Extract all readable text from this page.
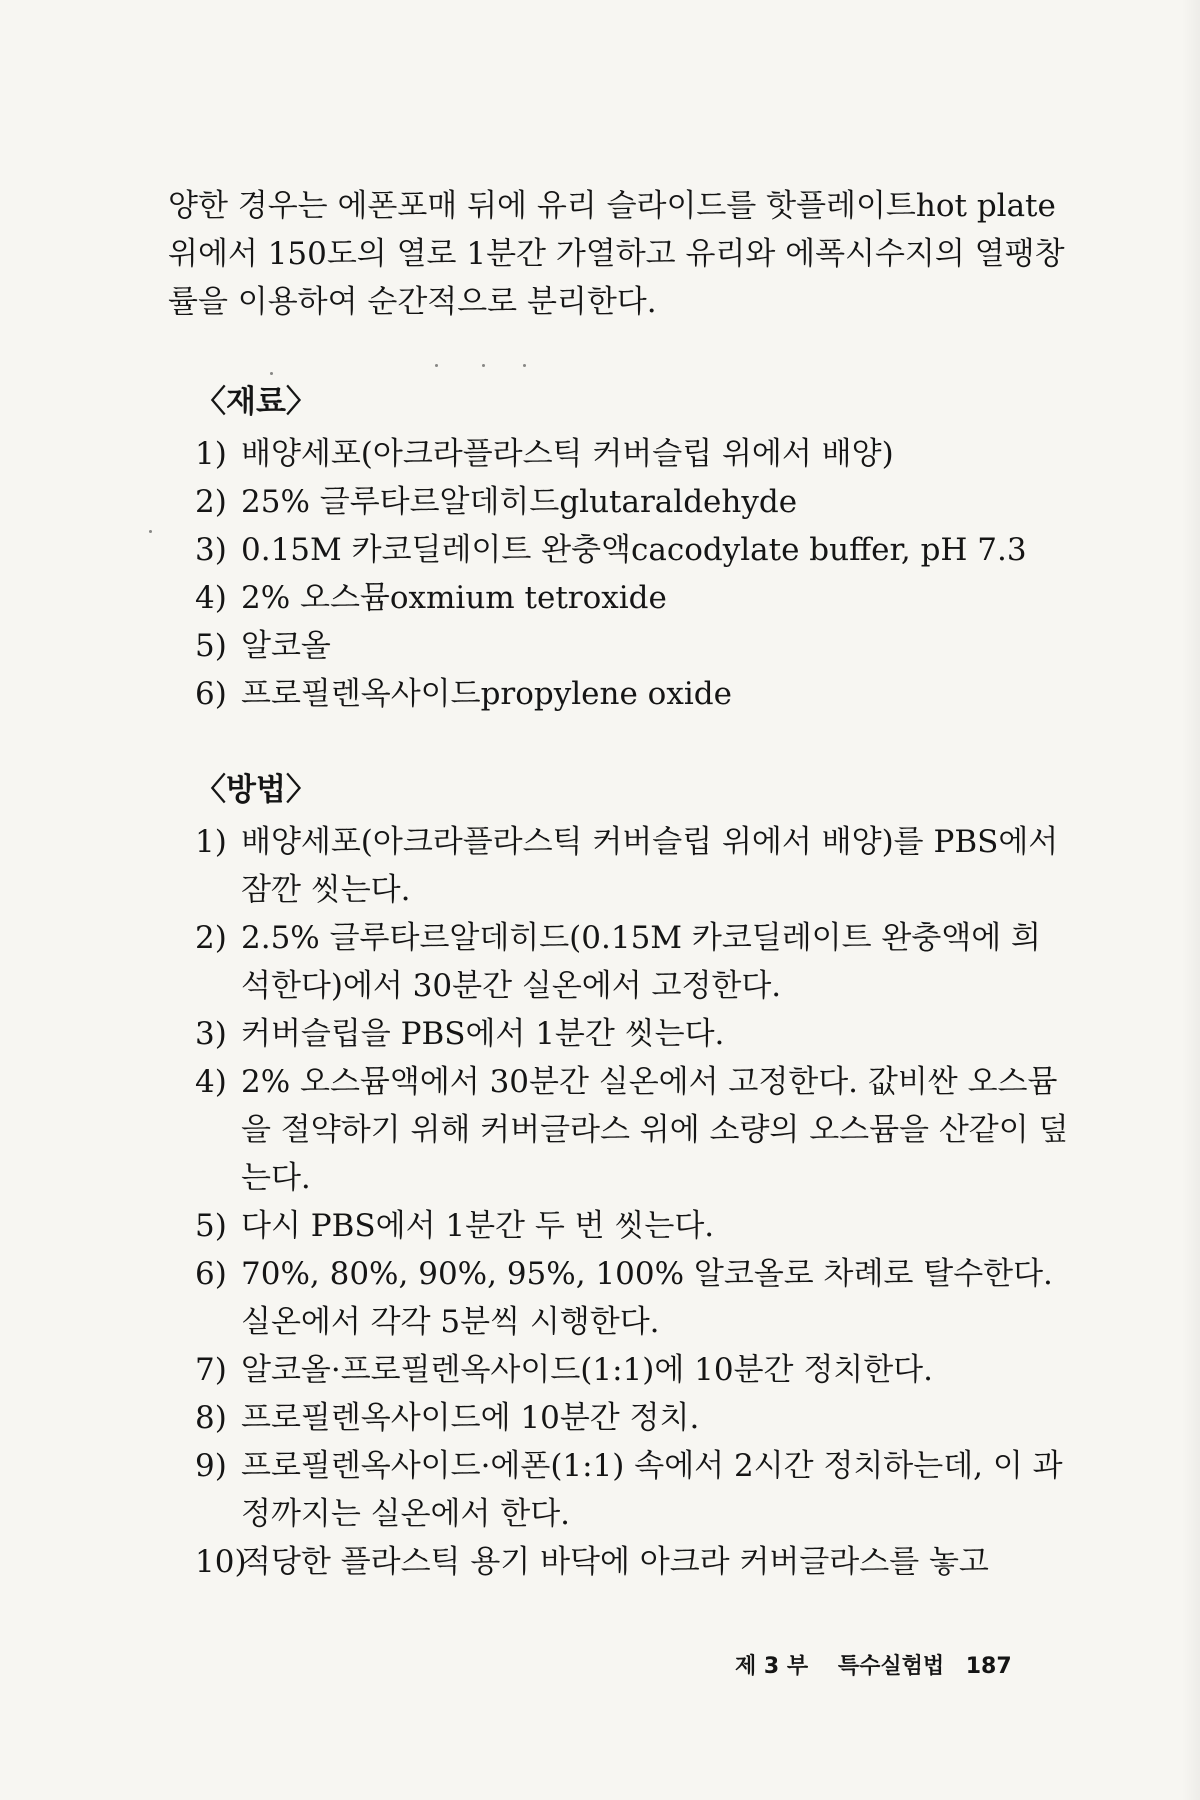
양한 경우는 에폰포매 뒤에 유리 슬라이드를 핫플레이트hot plate 위에서 150도의 열로 1분간 가열하고 유리와 에폭시수지의 열팽창률을 이용하여 순간적으로 분리한다.

〈재료〉
1) 배양세포(아크라플라스틱 커버슬립 위에서 배양)
2) 25% 글루타르알데히드glutaraldehyde
3) 0.15M 카코딜레이트 완충액cacodylate buffer, pH 7.3
4) 2% 오스뮴oxmium tetroxide
5) 알코올
6) 프로필렌옥사이드propylene oxide
〈방법〉
1) 배양세포(아크라플라스틱 커버슬립 위에서 배양)를 PBS에서 잠깐 씻는다.
2) 2.5% 글루타르알데히드(0.15M 카코딜레이트 완충액에 희석한다)에서 30분간 실온에서 고정한다.
3) 커버슬립을 PBS에서 1분간 씻는다.
4) 2% 오스뮴액에서 30분간 실온에서 고정한다. 값비싼 오스뮴을 절약하기 위해 커버글라스 위에 소량의 오스뮴을 산같이 덮는다.
5) 다시 PBS에서 1분간 두 번 씻는다.
6) 70%, 80%, 90%, 95%, 100% 알코올로 차례로 탈수한다. 실온에서 각각 5분씩 시행한다.
7) 알코올·프로필렌옥사이드(1:1)에 10분간 정치한다.
8) 프로필렌옥사이드에 10분간 정치.
9) 프로필렌옥사이드·에폰(1:1) 속에서 2시간 정치하는데, 이 과정까지는 실온에서 한다.
10)
적당한 플라스틱 용기 바닥에 아크라 커버글라스를 놓고
제 3 부 특수실험법 187
